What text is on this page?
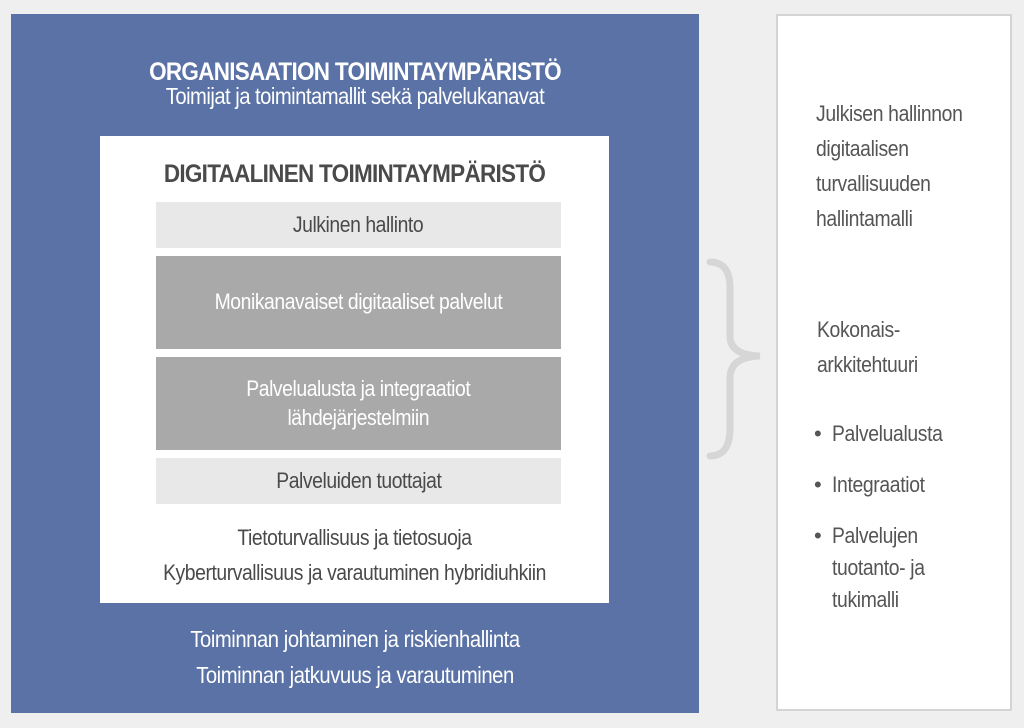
ORGANISAATION TOIMINTAYMPÄRISTÖ
Toimijat ja toimintamallit sekä palvelukanavat
DIGITAALINEN TOIMINTAYMPÄRISTÖ
Julkinen hallinto
Monikanavaiset digitaaliset palvelut
Palvelualusta ja integraatiot
lähdejärjestelmiin
Palveluiden tuottajat
Tietoturvallisuus ja tietosuoja
Kyberturvallisuus ja varautuminen hybridiuhkiin
Toiminnan johtaminen ja riskienhallinta
Toiminnan jatkuvuus ja varautuminen
Julkisen hallinnon
digitaalisen
turvallisuuden
hallintamalli
Kokonais-
arkkitehtuuri
• Palvelualusta
• Integraatiot
• Palvelujen
tuotanto- ja
tukimalli
